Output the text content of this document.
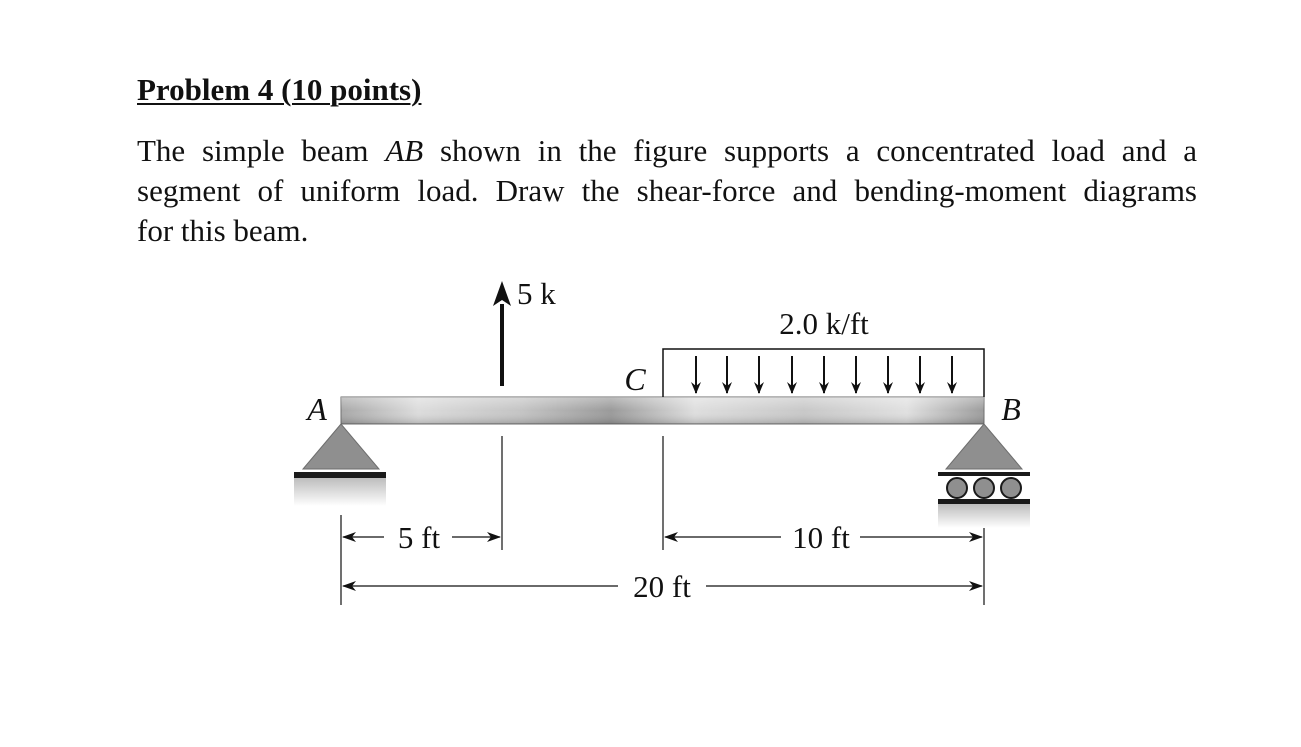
Problem 4 (10 points)
The simple beam AB shown in the figure supports a concentrated load and a
segment of uniform load. Draw the shear-force and bending-moment diagrams
for this beam.
5 k
2.0 k/ft
A	B
C
5 ft	10 ft
20 ft
